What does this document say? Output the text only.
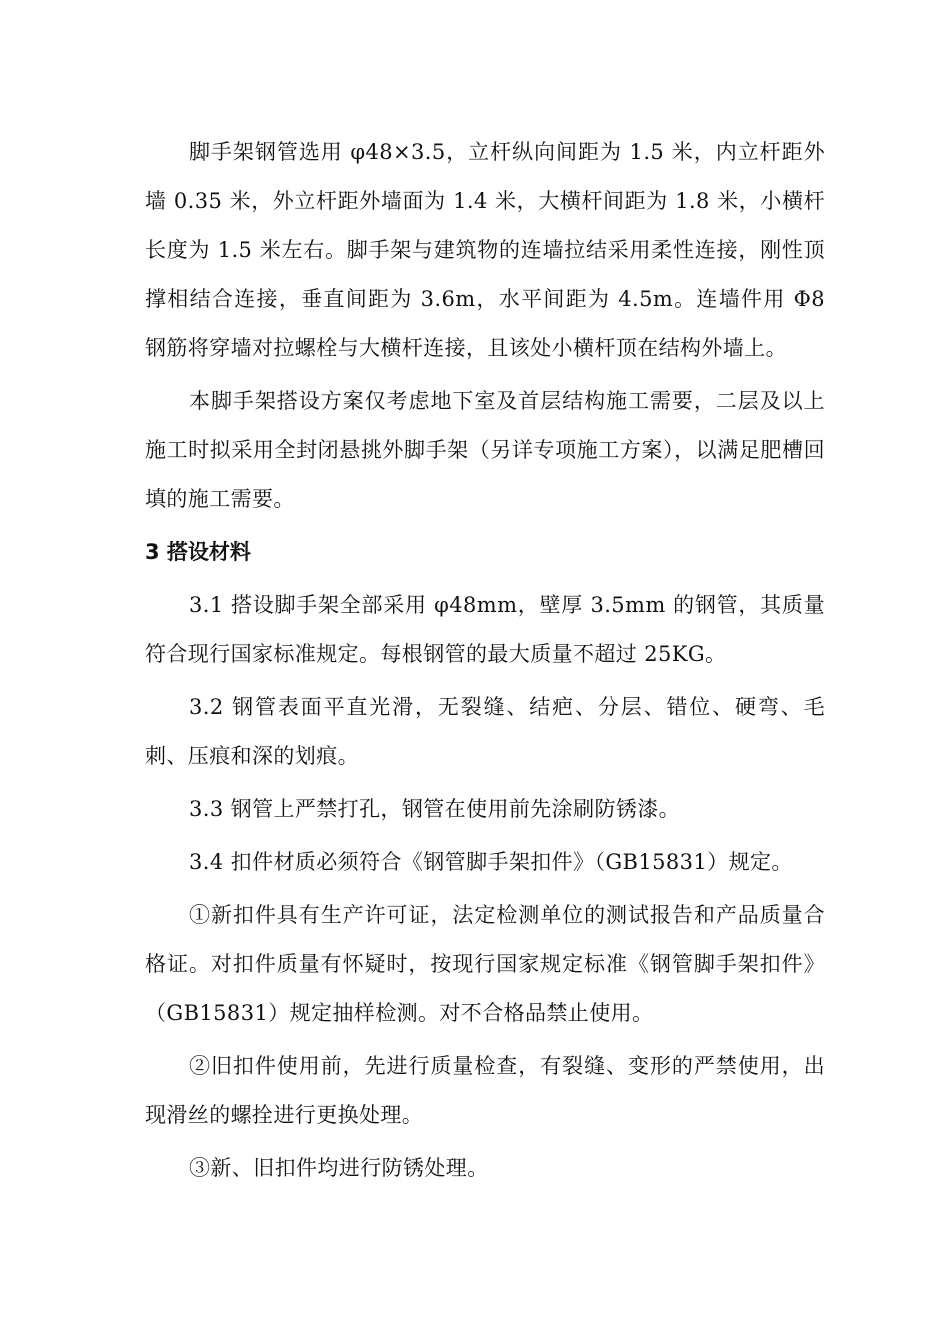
脚手架钢管选用 φ48×3.5，立杆纵向间距为 1.5 米，内立杆距外墙 0.35 米，外立杆距外墙面为 1.4 米，大横杆间距为 1.8 米，小横杆长度为 1.5 米左右。脚手架与建筑物的连墙拉结采用柔性连接，刚性顶撑相结合连接，垂直间距为 3.6m，水平间距为 4.5m。连墙件用 Φ8 钢筋将穿墙对拉螺栓与大横杆连接，且该处小横杆顶在结构外墙上。

本脚手架搭设方案仅考虑地下室及首层结构施工需要，二层及以上施工时拟采用全封闭悬挑外脚手架（另详专项施工方案），以满足肥槽回填的施工需要。

3 搭设材料

3.1 搭设脚手架全部采用 φ48mm，壁厚 3.5mm 的钢管，其质量符合现行国家标准规定。每根钢管的最大质量不超过 25KG。

3.2 钢管表面平直光滑，无裂缝、结疤、分层、错位、硬弯、毛刺、压痕和深的划痕。

3.3 钢管上严禁打孔，钢管在使用前先涂刷防锈漆。

3.4 扣件材质必须符合《钢管脚手架扣件》（GB15831）规定。

①新扣件具有生产许可证，法定检测单位的测试报告和产品质量合格证。对扣件质量有怀疑时，按现行国家规定标准《钢管脚手架扣件》（GB15831）规定抽样检测。对不合格品禁止使用。

②旧扣件使用前，先进行质量检查，有裂缝、变形的严禁使用，出现滑丝的螺拴进行更换处理。

③新、旧扣件均进行防锈处理。
